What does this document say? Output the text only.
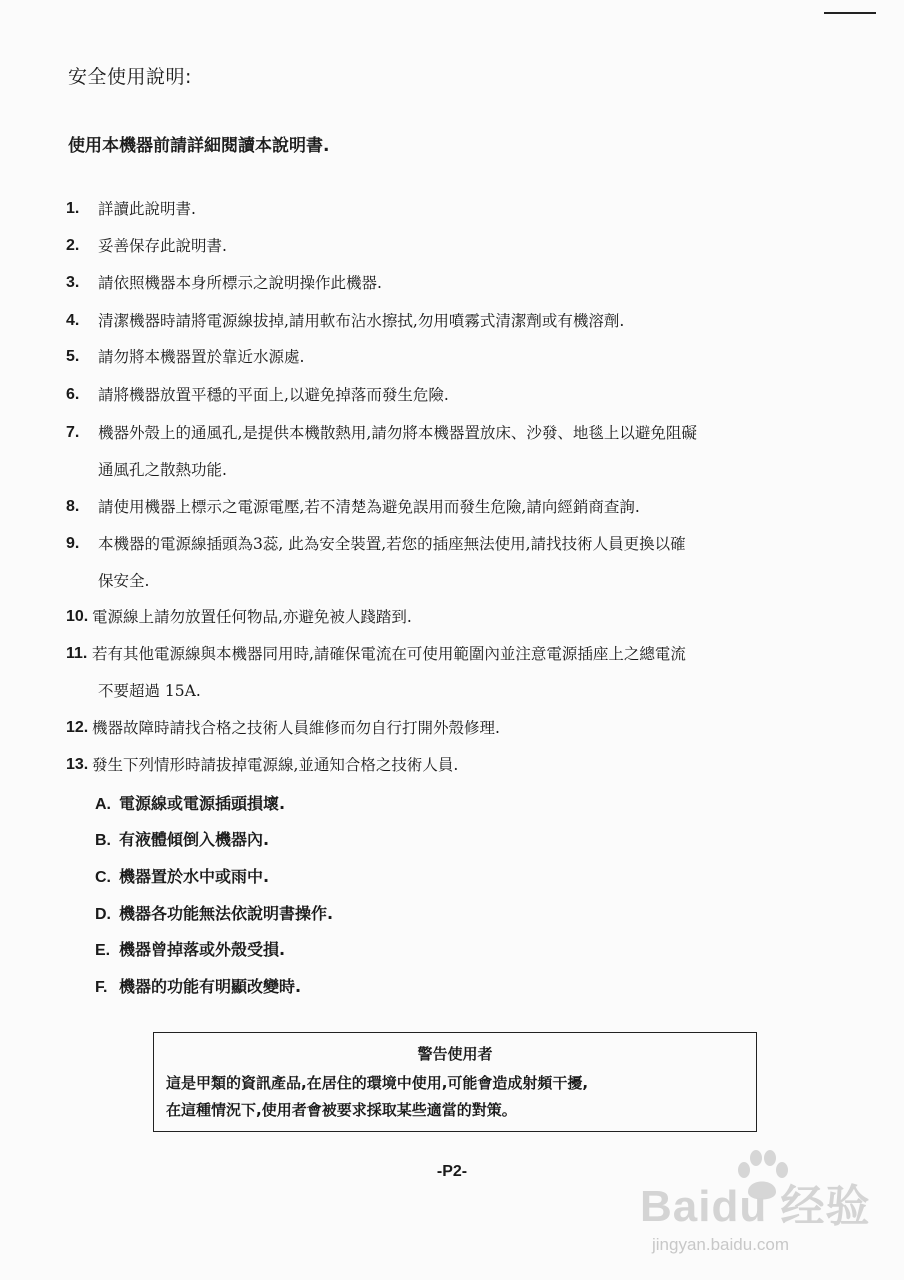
安全使用說明:
使用本機器前請詳細閱讀本說明書.
1. 詳讀此說明書.
2. 妥善保存此說明書.
3. 請依照機器本身所標示之說明操作此機器.
4. 清潔機器時請將電源線拔掉,請用軟布沾水擦拭,勿用噴霧式清潔劑或有機溶劑.
5. 請勿將本機器置於靠近水源處.
6. 請將機器放置平穩的平面上,以避免掉落而發生危險.
7. 機器外殼上的通風孔,是提供本機散熱用,請勿將本機器置放床、沙發、地毯上以避免阻礙
通風孔之散熱功能.
8. 請使用機器上標示之電源電壓,若不清楚為避免誤用而發生危險,請向經銷商查詢.
9. 本機器的電源線插頭為3蕊, 此為安全裝置,若您的插座無法使用,請找技術人員更換以確
保安全.
10. 電源線上請勿放置任何物品,亦避免被人踐踏到.
11. 若有其他電源線與本機器同用時,請確保電流在可使用範圍內並注意電源插座上之總電流
不要超過 15A.
12. 機器故障時請找合格之技術人員維修而勿自行打開外殼修理.
13. 發生下列情形時請拔掉電源線,並通知合格之技術人員.
A. 電源線或電源插頭損壞.
B. 有液體傾倒入機器內.
C. 機器置於水中或雨中.
D. 機器各功能無法依說明書操作.
E. 機器曾掉落或外殼受損.
F. 機器的功能有明顯改變時.
警告使用者
這是甲類的資訊產品,在居住的環境中使用,可能會造成射頻干擾,
在這種情況下,使用者會被要求採取某些適當的對策。
-P2-
Baidu 经验
jingyan.baidu.com
